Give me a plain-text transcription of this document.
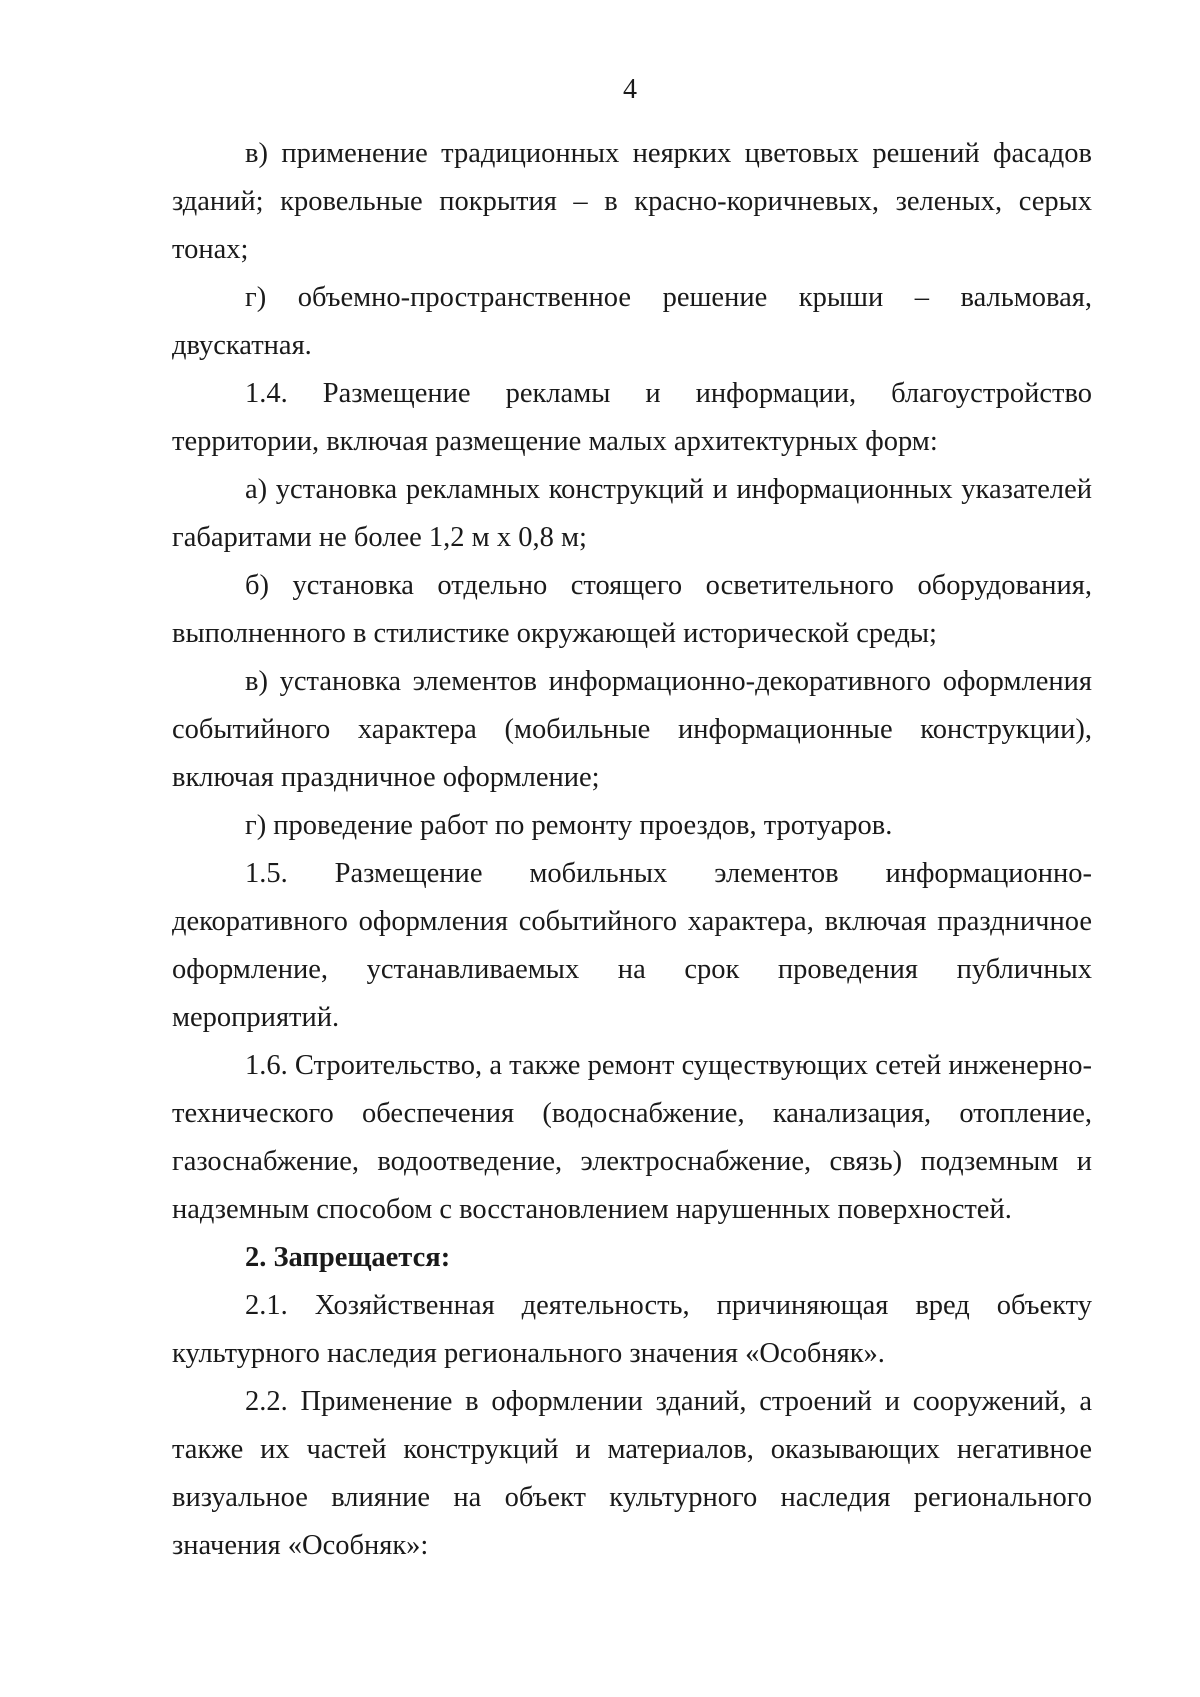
4

в) применение традиционных неярких цветовых решений фасадов зданий; кровельные покрытия – в красно-коричневых, зеленых, серых тонах;

г) объемно-пространственное решение крыши – вальмовая, двускатная.

1.4. Размещение рекламы и информации, благоустройство территории, включая размещение малых архитектурных форм:

а) установка рекламных конструкций и информационных указателей габаритами не более 1,2 м х 0,8 м;

б) установка отдельно стоящего осветительного оборудования, выполненного в стилистике окружающей исторической среды;

в) установка элементов информационно-декоративного оформления событийного характера (мобильные информационные конструкции), включая праздничное оформление;

г) проведение работ по ремонту проездов, тротуаров.

1.5. Размещение мобильных элементов информационно-декоративного оформления событийного характера, включая праздничное оформление, устанавливаемых на срок проведения публичных мероприятий.

1.6. Строительство, а также ремонт существующих сетей инженерно-технического обеспечения (водоснабжение, канализация, отопление, газоснабжение, водоотведение, электроснабжение, связь) подземным и надземным способом с восстановлением нарушенных поверхностей.

2. Запрещается:

2.1. Хозяйственная деятельность, причиняющая вред объекту культурного наследия регионального значения «Особняк».

2.2. Применение в оформлении зданий, строений и сооружений, а также их частей конструкций и материалов, оказывающих негативное визуальное влияние на объект культурного наследия регионального значения «Особняк»:
